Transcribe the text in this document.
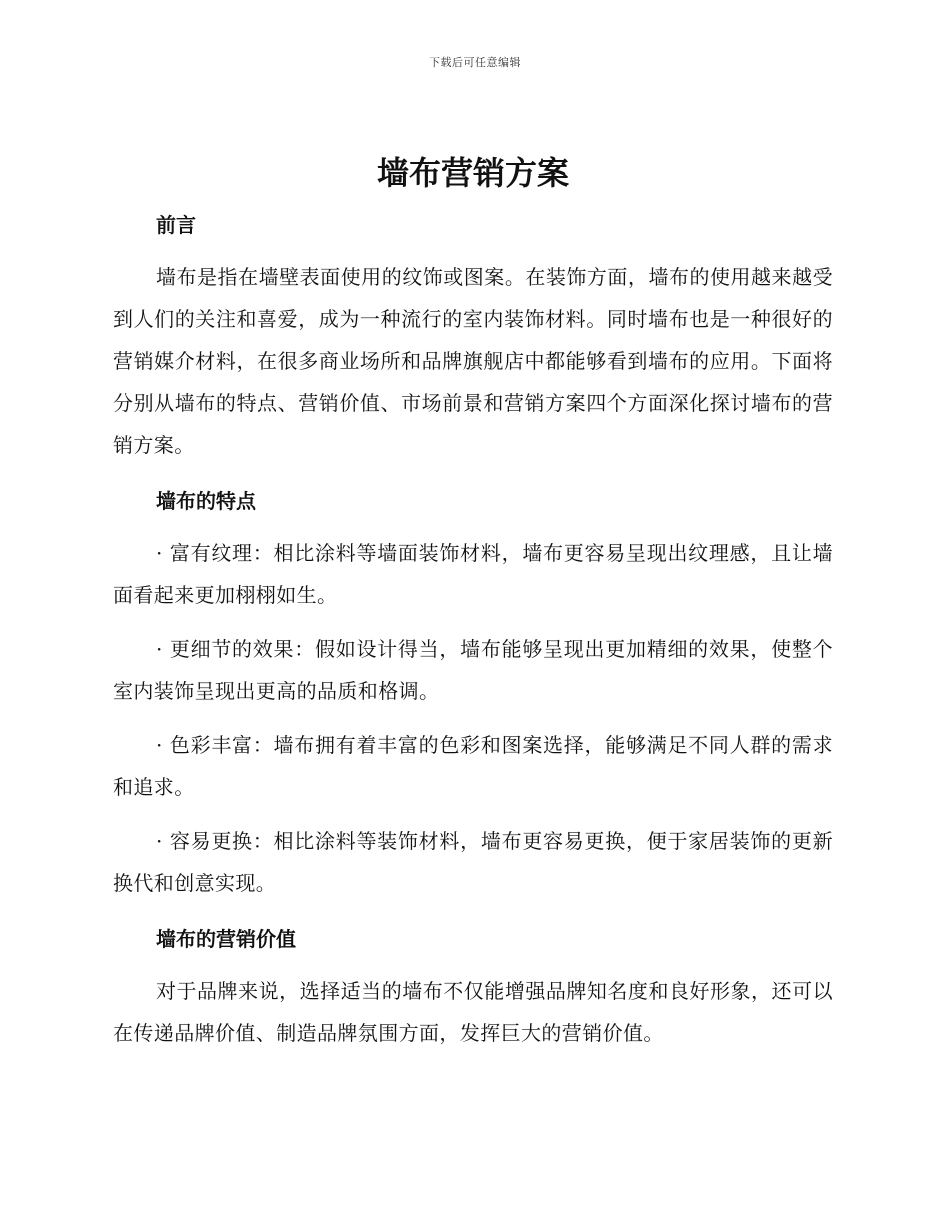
下载后可任意编辑
墙布营销方案
前言

墙布是指在墙壁表面使用的纹饰或图案。在装饰方面，墙布的使用越来越受到人们的关注和喜爱，成为一种流行的室内装饰材料。同时墙布也是一种很好的营销媒介材料，在很多商业场所和品牌旗舰店中都能够看到墙布的应用。下面将分别从墙布的特点、营销价值、市场前景和营销方案四个方面深化探讨墙布的营销方案。

墙布的特点

· 富有纹理：相比涂料等墙面装饰材料，墙布更容易呈现出纹理感，且让墙面看起来更加栩栩如生。

· 更细节的效果：假如设计得当，墙布能够呈现出更加精细的效果，使整个室内装饰呈现出更高的品质和格调。

· 色彩丰富：墙布拥有着丰富的色彩和图案选择，能够满足不同人群的需求和追求。

· 容易更换：相比涂料等装饰材料，墙布更容易更换，便于家居装饰的更新换代和创意实现。

墙布的营销价值

对于品牌来说，选择适当的墙布不仅能增强品牌知名度和良好形象，还可以在传递品牌价值、制造品牌氛围方面，发挥巨大的营销价值。
